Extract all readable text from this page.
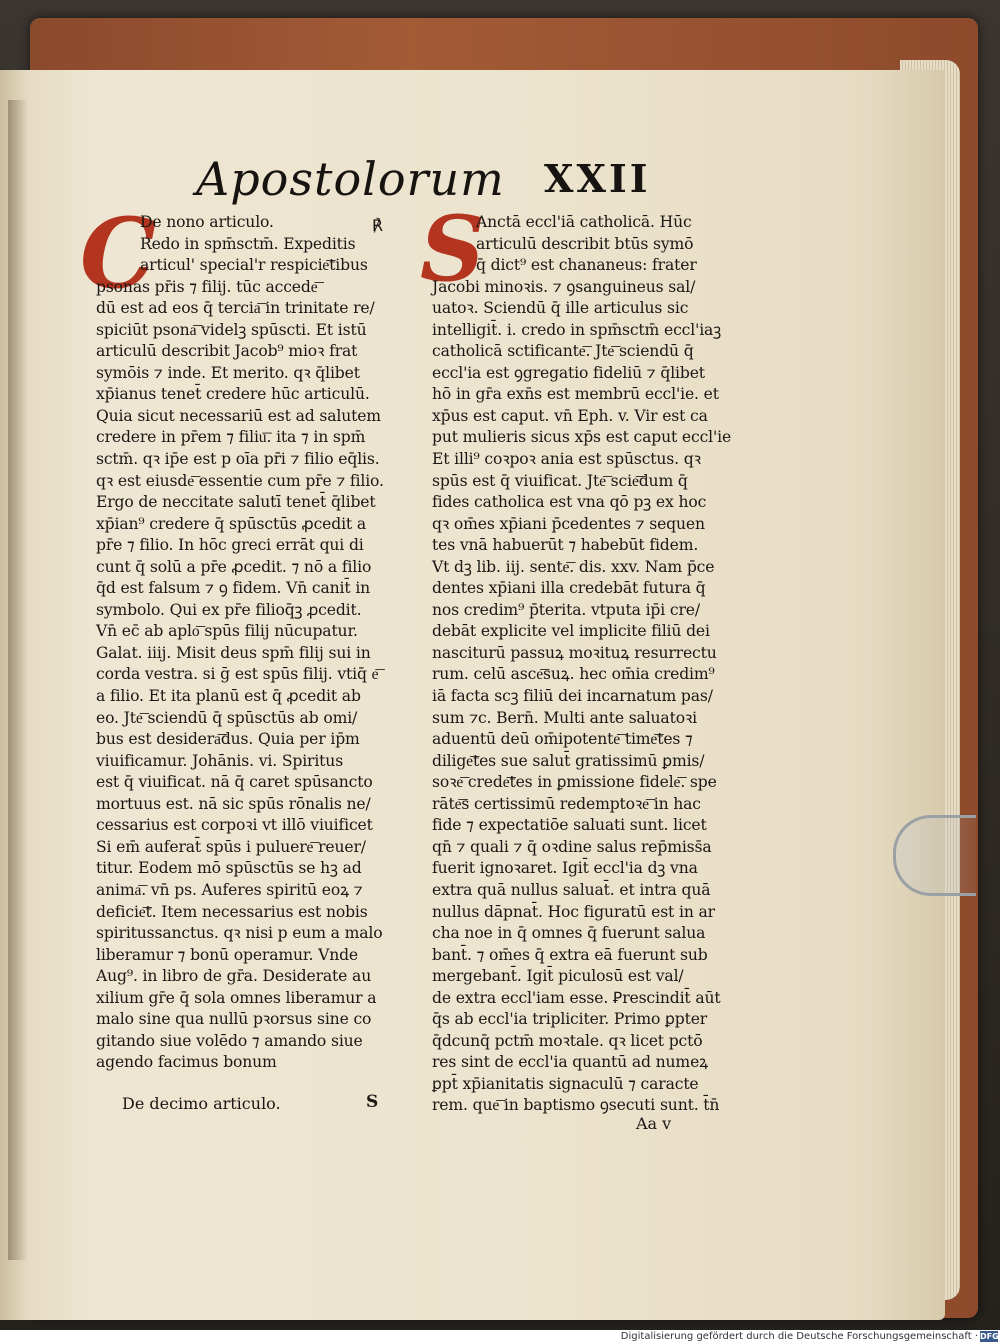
Apostolorum XXII
C	℟
De nono articulo.
Redo in spm̄sctm̄. Expeditis
articul' special'r respicie͞tibus
psonas pr̄is ⁊ filij. tūc accede͞
dū est ad eos q̄ tercia͞ in trinitate re/
spiciūt psona͞ videlꝫ spūscti. Et istū
articulū describit Jacob⁹ mioꝛ frat
symōis ⁊ inde. Et merito. qꝛ q̄libet
xp̄ianus tenet̄ credere hūc articulū.
Quia sicut necessariū est ad salutem
credere in pr̄em ⁊ filiu͞. ita ⁊ in spm̄
sctm̄. qꝛ ip̄e est p oīa pr̄i ⁊ filio eq̄lis.
qꝛ est eiusde͞ essentie cum pr̄e ⁊ filio.
Ergo de neccitate salutī tenet̄ q̄libet
xp̄ian⁹ credere q̄ spūsctūs ꝓcedit a
pr̄e ⁊ filio. In hōc greci errāt qui di
cunt q̄ solū a pr̄e ꝓcedit. ⁊ nō a filio
q̄d est falsum ⁊ ꝯ fidem. Vn̄ canit̄ in
symbolo. Qui ex pr̄e filioq̄ꝫ ꝓcedit.
Vn̄ ec̄ ab aplo͞ spūs filij nūcupatur.
Galat. iiij. Misit deus spm̄ filij sui in
corda vestra. si ḡ est spūs filij. vtiq̄ e͞
a filio. Et ita planū est q̄ ꝓcedit ab
eo. Jte͞ sciendū q̄ spūsctūs ab omi/
bus est desidera͞dus. Quia per ip̄m
viuificamur. Johānis. vi. Spiritus
est q̄ viuificat. nā q̄ caret spūsancto
mortuus est. nā sic spūs rōnalis ne/
cessarius est corpoꝛi vt illō viuificet
Si em̄ auferat̄ spūs i puluere͞ reuer/
titur. Eodem mō spūsctūs se hꝫ ad
anima͞. vn̄ ps. Auferes spiritū eoꝝ ⁊
deficie͞t. Item necessarius est nobis
spiritussanctus. qꝛ nisi p eum a malo
liberamur ⁊ bonū operamur. Vnde
Aug⁹. in libro de gr̄a. Desiderate au
xilium gr̄e q̄ sola omnes liberamur a
malo sine qua nullū pꝛorsus sine co
gitando siue volēdo ⁊ amando siue
agendo facimus bonum
S
Anctā eccl'iā catholicā. Hūc
articulū describit btūs symō
q̄ dict⁹ est chananeus: frater
Jacobi minoꝛis. ⁊ ꝯsanguineus sal/
uatoꝛ. Sciendū q̄ ille articulus sic
intelligit̄. i. credo in spm̄sctm̄ eccl'iaꝫ
catholicā sctificante͞. Jte͞ sciendū q̄
eccl'ia est ꝯgregatio fideliū ⁊ q̄libet
hō in gr̄a exn̄s est membrū eccl'ie. et
xp̄us est caput. vn̄ Eph. v. Vir est ca
put mulieris sicus xp̄s est caput eccl'ie
Et illi⁹ coꝛpoꝛ ania est spūsctus. qꝛ
spūs est q̄ viuificat. Jte͞ scie͞dum q̄
fides catholica est vna qō pꝫ ex hoc
qꝛ om̄es xp̄iani p̄cedentes ⁊ sequen
tes vnā habuerūt ⁊ habebūt fidem.
Vt dꝫ lib. iij. sente͞. dis. xxv. Nam p̄ce
dentes xp̄iani illa credebāt futura q̄
nos credim⁹ p̄terita. vtputa ip̄i cre/
debāt explicite vel implicite filiū dei
nasciturū passuꝝ moꝛituꝝ resurrectu
rum. celū asce͞suꝝ. hec om̄ia credim⁹
iā facta scꝫ filiū dei incarnatum pas/
sum ⁊c. Bern̄. Multi ante saluatoꝛi
aduentū deū om̄ipotente͞ time͞tes ⁊
dilige͞tes sue salut̄ gratissimū ꝑmis/
soꝛe͞ crede͞tes in ꝑmissione fidele͞. spe
rāte͞s certissimū redemptoꝛe͞ in hac
fide ⁊ expectatiōe saluati sunt. licet
qn̄ ⁊ quali ⁊ q̄ oꝛdine salus rep̄miss̄a
fuerit ignoꝛaret. Igit̄ eccl'ia dꝫ vna
extra quā nullus saluat̄. et intra quā
nullus dāpnat̄. Hoc figuratū est in ar
cha noe in q̄ omnes q̄ fuerunt salua
bant̄. ⁊ om̄es q̄ extra eā fuerunt sub
mergebant̄. Igit̄ piculosū est val/
de extra eccl'iam esse. Ꝑrescindit̄ aūt
q̄s ab eccl'ia tripliciter. Primo ꝑpter
q̄dcunq̄ pctm̄ moꝛtale. qꝛ licet pctō
res sint de eccl'ia quantū ad numeꝝ
ꝑpt̄ xp̄ianitatis signaculū ⁊ caracte
rem. que͞ in baptismo ꝯsecuti sunt. t̄n̄
De decimo articulo.	S
Aa v
Digitalisierung gefördert durch die Deutsche Forschungsgemeinschaft · DFG
